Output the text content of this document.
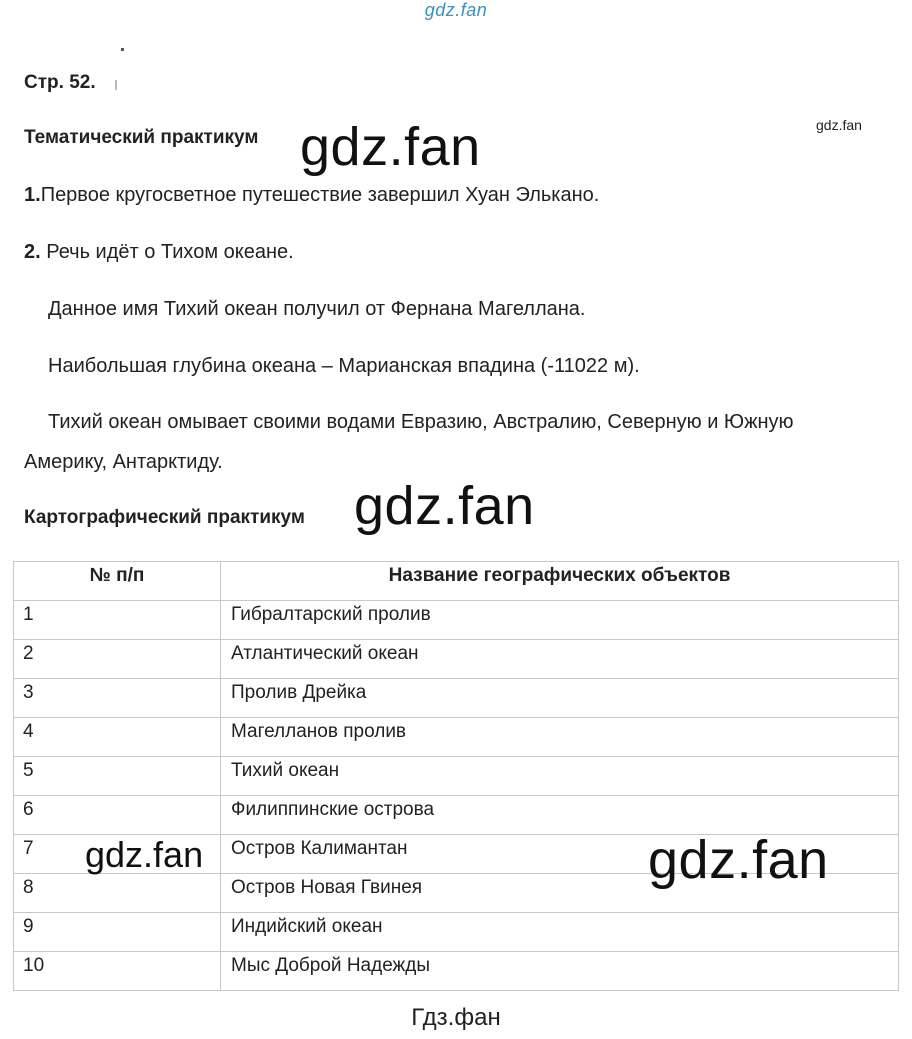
gdz.fan
Стр. 52.
Тематический практикум
gdz.fan
gdz.fan
1.Первое кругосветное путешествие завершил Хуан Элькано.
2. Речь идёт о Тихом океане.
Данное имя Тихий океан получил от Фернана Магеллана.
Наибольшая глубина океана – Марианская впадина (-11022 м).
Тихий океан омывает своими водами Евразию, Австралию, Северную и Южную
Америку, Антарктиду.
Картографический практикум gdz.fan
№ п/п	Название географических объектов
1	Гибралтарский пролив
2	Атлантический океан
3	Пролив Дрейка
4	Магелланов пролив
5	Тихий океан
6	Филиппинские острова
7	Остров Калимантан
8	Остров Новая Гвинея
9	Индийский океан
10	Мыс Доброй Надежды
gdz.fan	gdz.fan
Гдз.фан
